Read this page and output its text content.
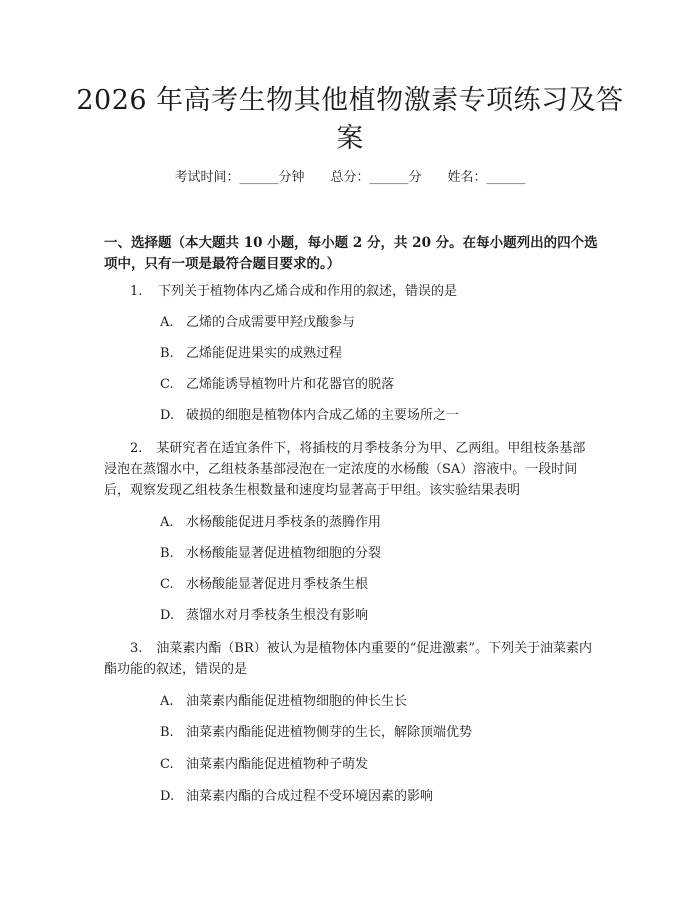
2026 年高考生物其他植物激素专项练习及答案
考试时间：______分钟 总分：______分 姓名：______

一、选择题（本大题共 10 小题，每小题 2 分，共 20 分。在每小题列出的四个选项中，只有一项是最符合题目要求的。）

1.	下列关于植物体内乙烯合成和作用的叙述，错误的是
A. 乙烯的合成需要甲羟戊酸参与
B. 乙烯能促进果实的成熟过程
C. 乙烯能诱导植物叶片和花器官的脱落
D. 破损的细胞是植物体内合成乙烯的主要场所之一
2. 某研究者在适宜条件下，将插枝的月季枝条分为甲、乙两组。甲组枝条基部浸泡在蒸馏水中，乙组枝条基部浸泡在一定浓度的水杨酸（SA）溶液中。一段时间后，观察发现乙组枝条生根数量和速度均显著高于甲组。该实验结果表明
A. 水杨酸能促进月季枝条的蒸腾作用
B. 水杨酸能显著促进植物细胞的分裂
C. 水杨酸能显著促进月季枝条生根
D. 蒸馏水对月季枝条生根没有影响
3. 油菜素内酯（BR）被认为是植物体内重要的“促进激素”。下列关于油菜素内酯功能的叙述，错误的是
A. 油菜素内酯能促进植物细胞的伸长生长
B. 油菜素内酯能促进植物侧芽的生长，解除顶端优势
C. 油菜素内酯能促进植物种子萌发
D. 油菜素内酯的合成过程不受环境因素的影响
